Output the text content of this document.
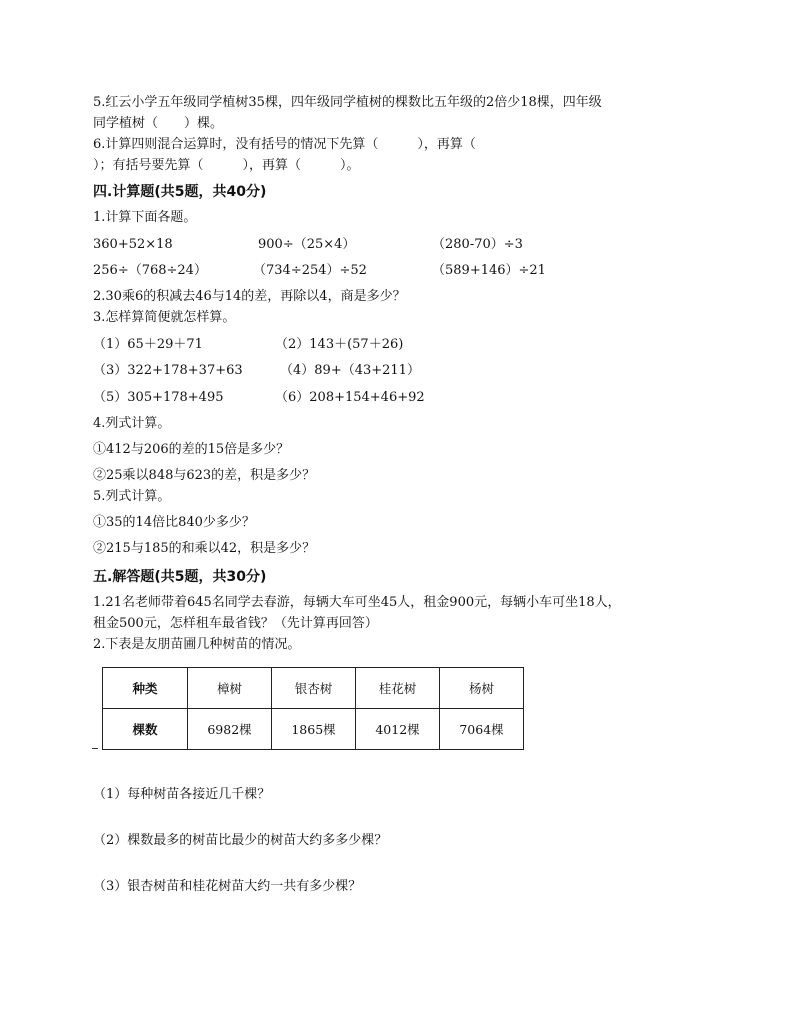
5.红云小学五年级同学植树35棵，四年级同学植树的棵数比五年级的2倍少18棵，四年级
同学植树（　　）棵。
6.计算四则混合运算时，没有括号的情况下先算（　　　），再算（
）；有括号要先算（　　　），再算（　　　）。
四.计算题(共5题，共40分)
1.计算下面各题。
360+52×18	900÷（25×4）	（280-70）÷3
256÷（768÷24）	（734÷254）÷52	（589+146）÷21
2.30乘6的积减去46与14的差，再除以4，商是多少？
3.怎样算简便就怎样算。
（1）65＋29＋71	（2）143＋(57＋26)
（3）322+178+37+63	（4）89+（43+211）
（5）305+178+495	（6）208+154+46+92
4.列式计算。
①412与206的差的15倍是多少？
②25乘以848与623的差，积是多少？
5.列式计算。
①35的14倍比840少多少？
②215与185的和乘以42，积是多少？
五.解答题(共5题，共30分)
1.21名老师带着645名同学去春游，每辆大车可坐45人，租金900元，每辆小车可坐18人，
租金500元，怎样租车最省钱？（先计算再回答）
2.下表是友朋苗圃几种树苗的情况。
种类	樟树	银杏树	桂花树	杨树
棵数	6982棵	1865棵	4012棵	7064棵
（1）每种树苗各接近几千棵？
（2）棵数最多的树苗比最少的树苗大约多多少棵？
（3）银杏树苗和桂花树苗大约一共有多少棵？
